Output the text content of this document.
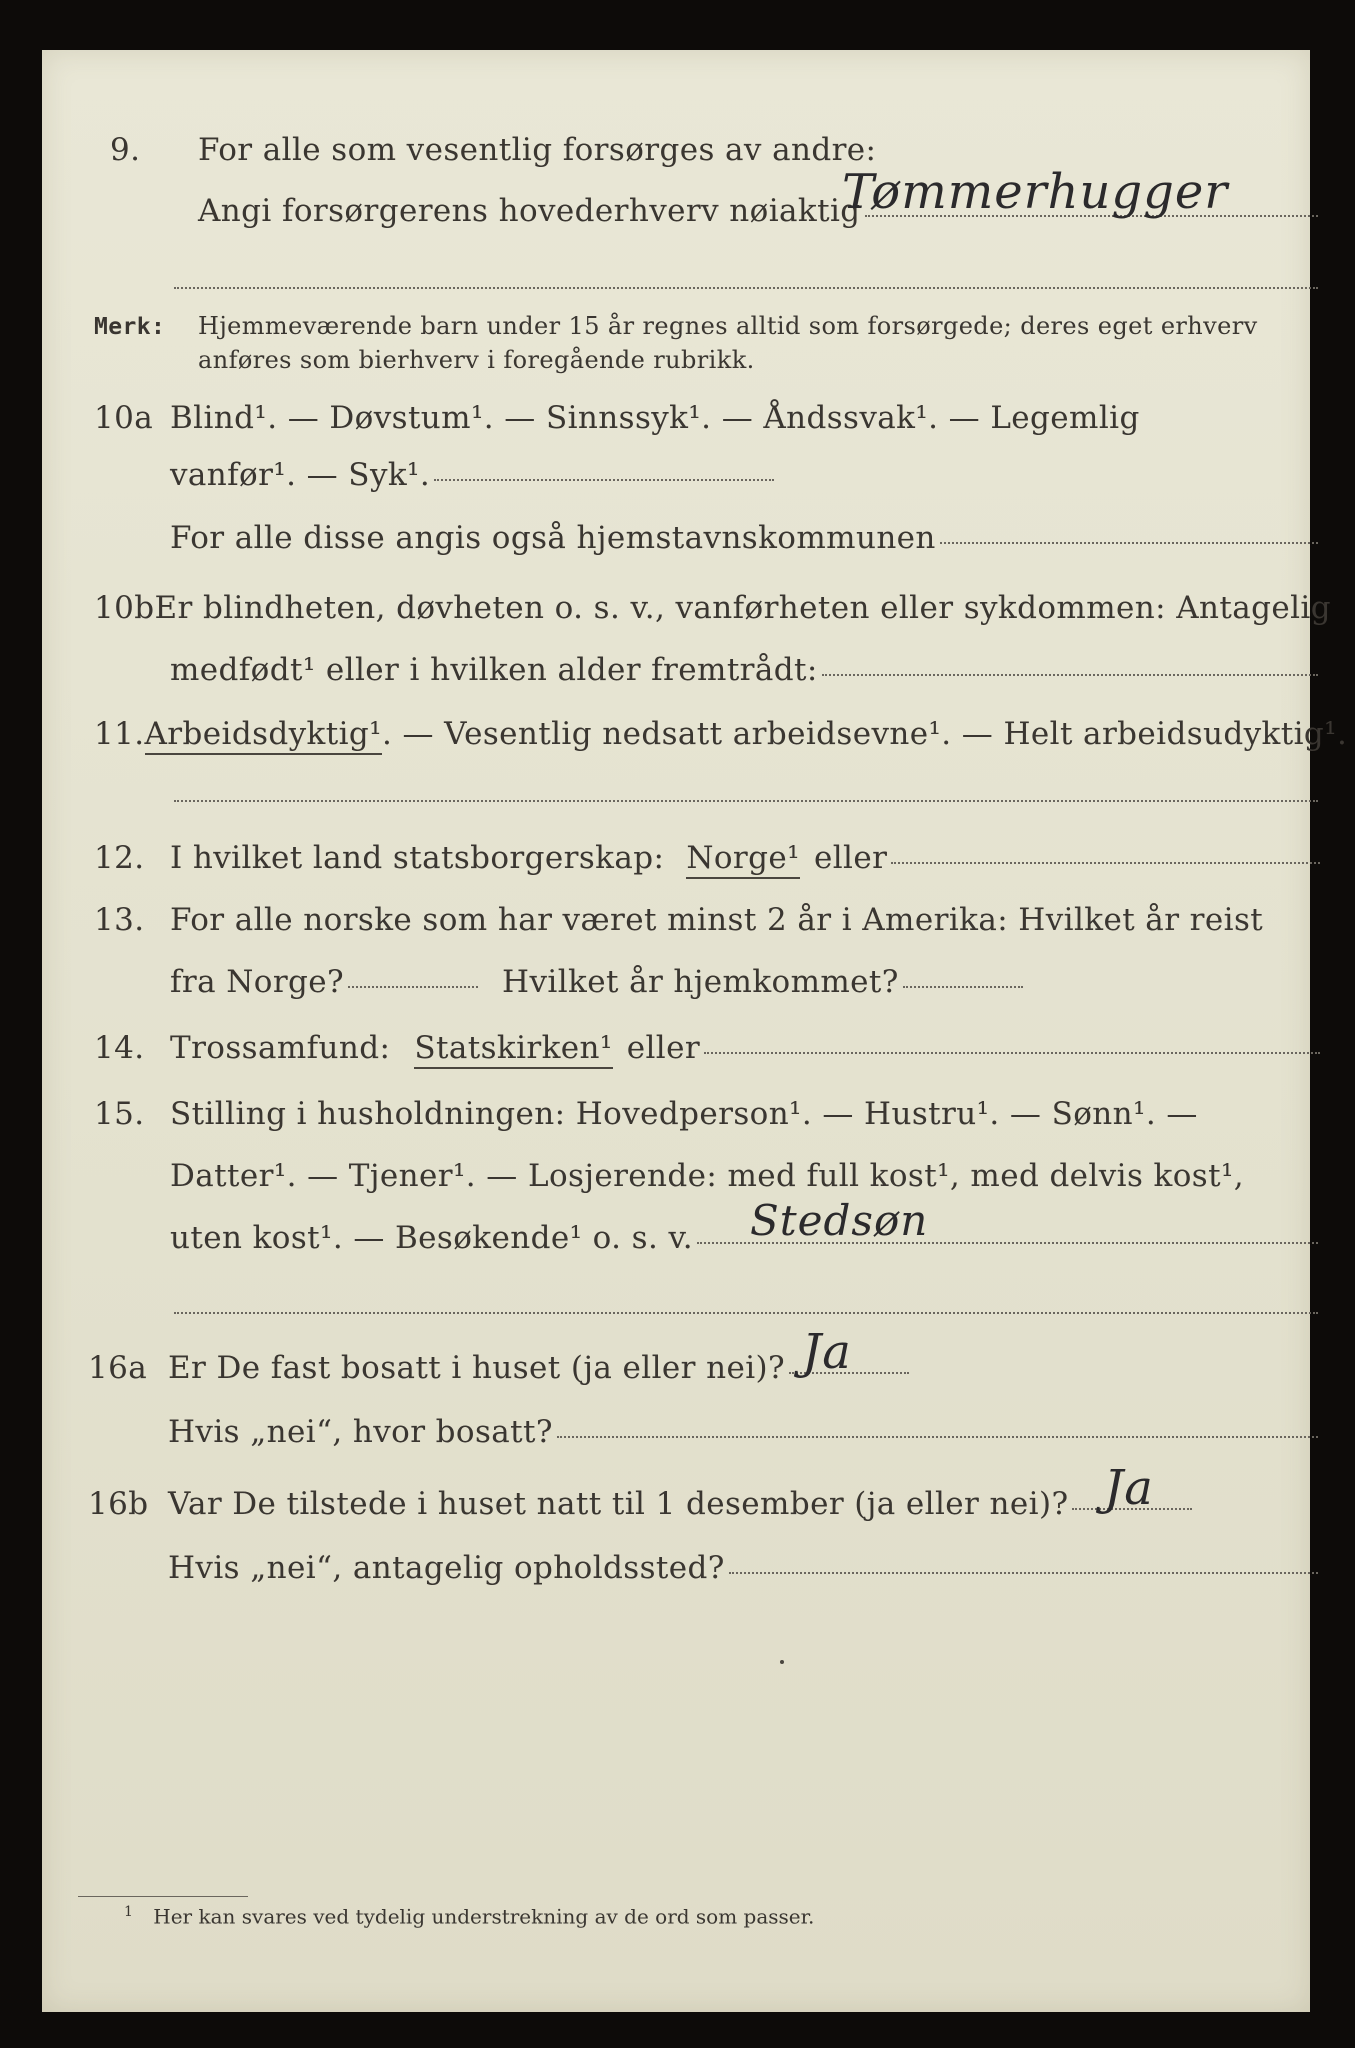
9.	For alle som vesentlig forsørges av andre:
Angi forsørgerens hovederhverv nøiaktig
Tømmerhugger
Merk:	Hjemmeværende barn under 15 år regnes alltid som forsørgede; deres eget erhverv
anføres som bierhverv i foregående rubrikk.
10a Blind¹. — Døvstum¹. — Sinnssyk¹. — Åndssvak¹. — Legemlig
vanfør¹. — Syk¹.
For alle disse angis også hjemstavnskommunen
10b Er blindheten, døvheten o. s. v., vanførheten eller sykdommen: Antagelig
medfødt¹ eller i hvilken alder fremtrådt:
11. Arbeidsdyktig¹ . — Vesentlig nedsatt arbeidsevne¹. — Helt arbeidsudyktig¹.
12. I hvilket land statsborgerskap: Norge¹ eller
13. For alle norske som har været minst 2 år i Amerika: Hvilket år reist
fra Norge?	Hvilket år hjemkommet?
14. Trossamfund: Statskirken¹ eller
15. Stilling i husholdningen: Hovedperson¹. — Hustru¹. — Sønn¹. —
Datter¹. — Tjener¹. — Losjerende: med full kost¹, med delvis kost¹,
uten kost¹. — Besøkende¹ o. s. v. Stedsøn
16a Er De fast bosatt i huset (ja eller nei)? Ja
Hvis „nei“, hvor bosatt?
16b Var De tilstede i huset natt til 1 desember (ja eller nei)? Ja
Hvis „nei“, antagelig opholdssted?
$^1$ Her kan svares ved tydelig understrekning av de ord som passer.
